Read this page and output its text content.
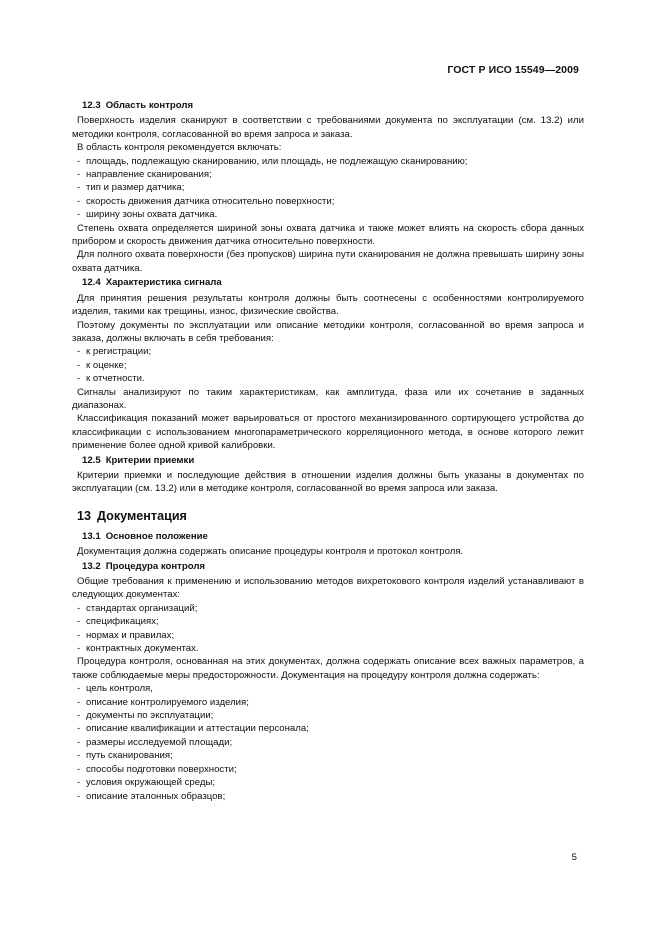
ГОСТ Р ИСО 15549—2009

12.3 Область контроля

Поверхность изделия сканируют в соответствии с требованиями документа по эксплуатации (см. 13.2) или методики контроля, согласованной во время запроса и заказа.

В область контроля рекомендуется включать:

- площадь, подлежащую сканированию, или площадь, не подлежащую сканированию;

- направление сканирования;

- тип и размер датчика;

- скорость движения датчика относительно поверхности;

- ширину зоны охвата датчика.

Степень охвата определяется шириной зоны охвата датчика и также может влиять на скорость сбора данных прибором и скорость движения датчика относительно поверхности.

Для полного охвата поверхности (без пропусков) ширина пути сканирования не должна превышать ширину зоны охвата датчика.

12.4 Характеристика сигнала

Для принятия решения результаты контроля должны быть соотнесены с особенностями контролируемого изделия, такими как трещины, износ, физические свойства.

Поэтому документы по эксплуатации или описание методики контроля, согласованной во время запроса и заказа, должны включать в себя требования:

- к регистрации;

- к оценке;

- к отчетности.

Сигналы анализируют по таким характеристикам, как амплитуда, фаза или их сочетание в заданных диапазонах.

Классификация показаний может варьироваться от простого механизированного сортирующего устройства до классификации с использованием многопараметрического корреляционного метода, в основе которого лежит применение более одной кривой калибровки.

12.5 Критерии приемки

Критерии приемки и последующие действия в отношении изделия должны быть указаны в документах по эксплуатации (см. 13.2) или в методике контроля, согласованной во время запроса или заказа.

13 Документация

13.1 Основное положение

Документация должна содержать описание процедуры контроля и протокол контроля.

13.2 Процедура контроля

Общие требования к применению и использованию методов вихретокового контроля изделий устанавливают в следующих документах:

- стандартах организаций;

- спецификациях;

- нормах и правилах;

- контрактных документах.

Процедура контроля, основанная на этих документах, должна содержать описание всех важных параметров, а также соблюдаемые меры предосторожности. Документация на процедуру контроля должна содержать:

- цель контроля,

- описание контролируемого изделия;

- документы по эксплуатации;

- описание квалификации и аттестации персонала;

- размеры исследуемой площади;

- путь сканирования;

- способы подготовки поверхности;

- условия окружающей среды;

- описание эталонных образцов;

5
